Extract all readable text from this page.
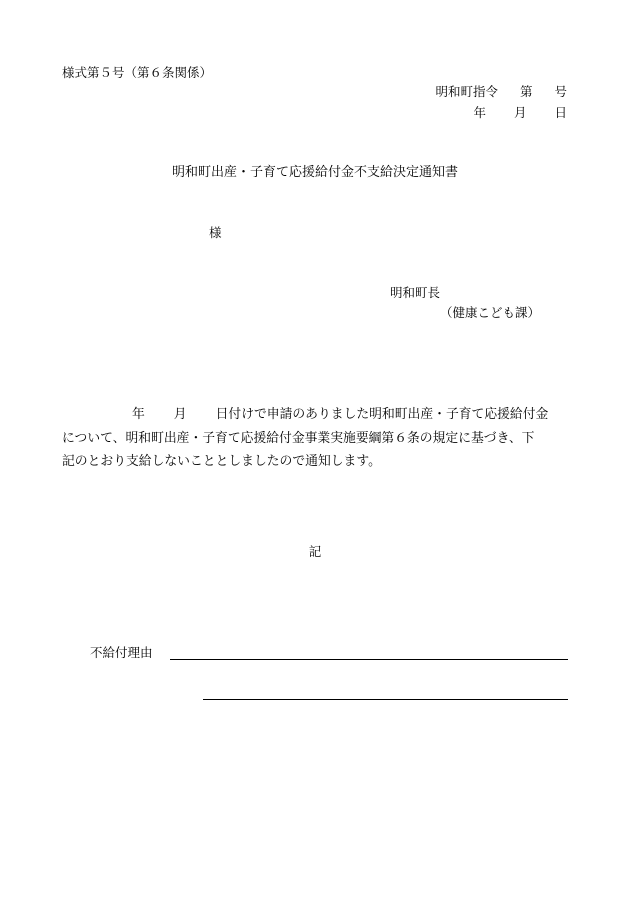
様式第５号（第６条関係）
明和町指令 第 号
年 月 日
明和町出産・子育て応援給付金不支給決定通知書
様
明和町長
（健康こども課）
年 月 日付けで申請のありました明和町出産・子育て応援給付金
について、明和町出産・子育て応援給付金事業実施要綱第６条の規定に基づき、下
記のとおり支給しないこととしましたので通知します。
記
不給付理由
